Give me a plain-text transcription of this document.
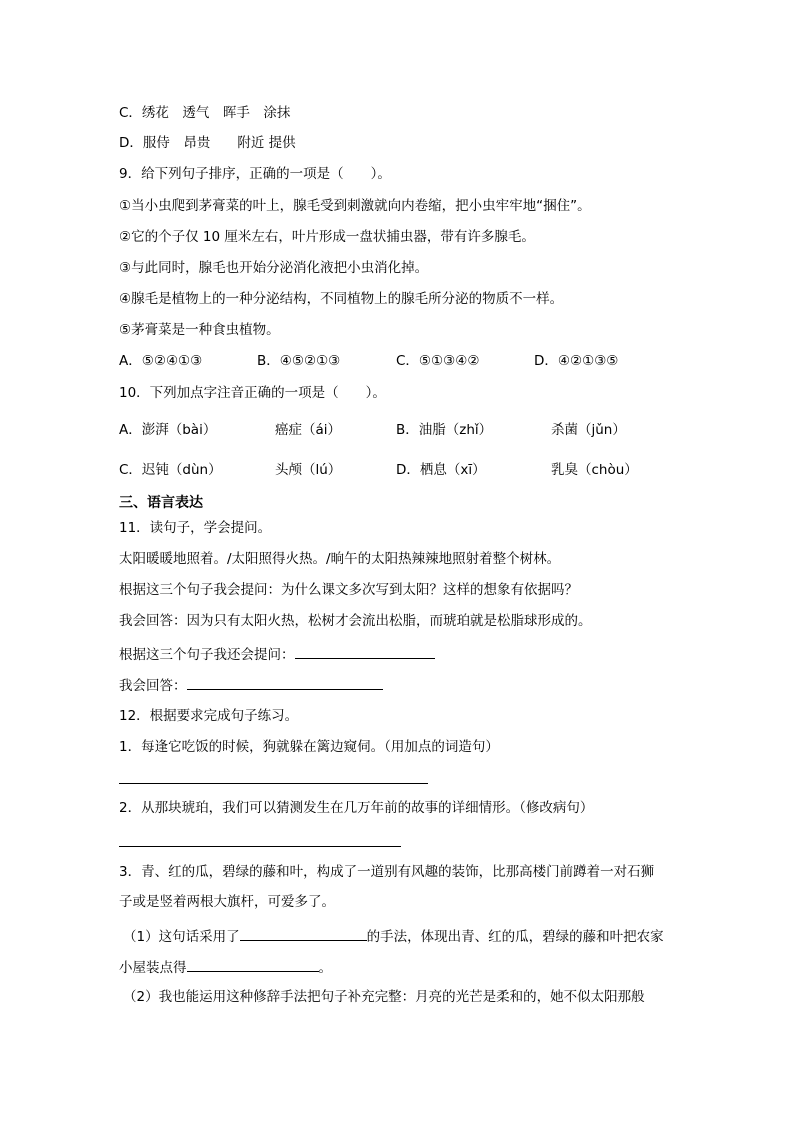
C．绣花　透气　晖手　涂抹
D．服侍　昂贵　　附近 提供
9．给下列句子排序，正确的一项是（　　）。
①当小虫爬到茅膏菜的叶上，腺毛受到刺激就向内卷缩，把小虫牢牢地“捆住”。
②它的个子仅 10 厘米左右，叶片形成一盘状捕虫器，带有许多腺毛。
③与此同时，腺毛也开始分泌消化液把小虫消化掉。
④腺毛是植物上的一种分泌结构，不同植物上的腺毛所分泌的物质不一样。
⑤茅膏菜是一种食虫植物。
A．⑤②④①③	B．④⑤②①③	C．⑤①③④②	D．④②①③⑤
10．下列加点字注音正确的一项是（　　）。
A．澎湃（bài）	癌症（ái）	B．油脂（zhǐ）	杀菌（jǔn）
C．迟钝（dùn）	头颅（lú）	D．栖息（xī）	乳臭（chòu）
三、语言表达
11．读句子，学会提问。
太阳暖暖地照着。/太阳照得火热。/晌午的太阳热辣辣地照射着整个树林。
根据这三个句子我会提问：为什么课文多次写到太阳？这样的想象有依据吗？
我会回答：因为只有太阳火热，松树才会流出松脂，而琥珀就是松脂球形成的。
根据这三个句子我还会提问：
我会回答：
12．根据要求完成句子练习。
1．每逢它吃饭的时候，狗就躲在篱边窥伺。（用加点的词造句）
2．从那块琥珀，我们可以猜测发生在几万年前的故事的详细情形。（修改病句）
3．青、红的瓜，碧绿的藤和叶，构成了一道别有风趣的装饰，比那高楼门前蹲着一对石狮
子或是竖着两根大旗杆，可爱多了。
（1）这句话采用了	的手法，体现出青、红的瓜，碧绿的藤和叶把农家
小屋装点得	。
（2）我也能运用这种修辞手法把句子补充完整：月亮的光芒是柔和的，她不似太阳那般
